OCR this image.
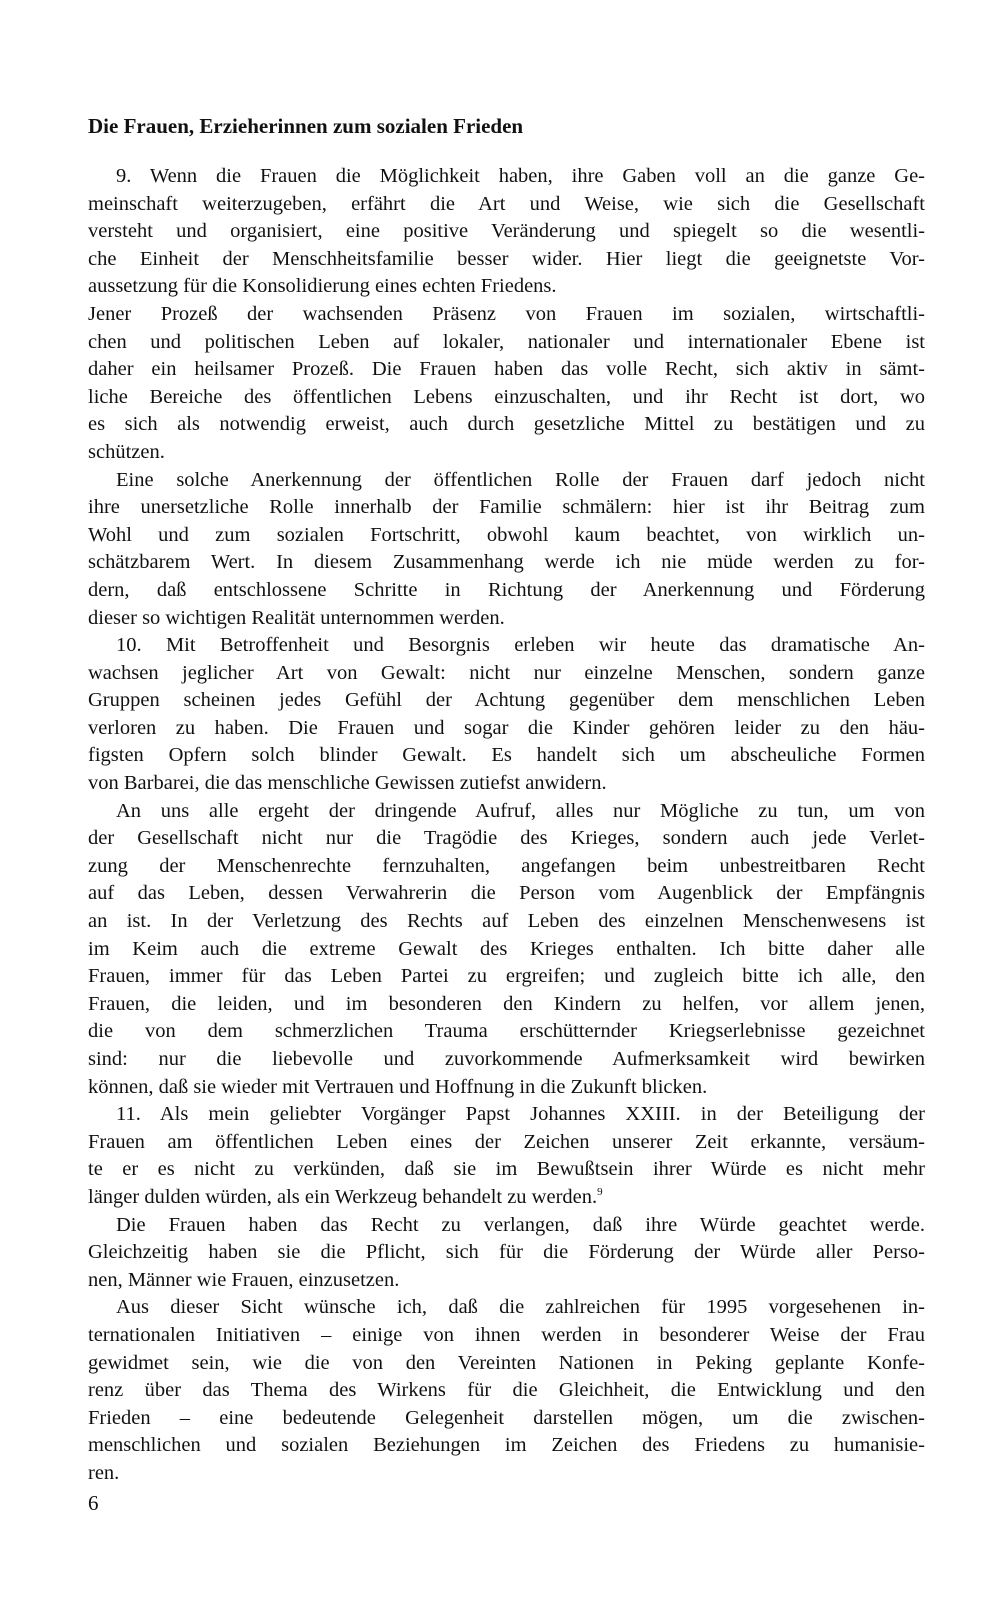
Die Frauen, Erzieherinnen zum sozialen Frieden
9. Wenn die Frauen die Möglichkeit haben, ihre Gaben voll an die ganze Ge-
meinschaft weiterzugeben, erfährt die Art und Weise, wie sich die Gesellschaft
versteht und organisiert, eine positive Veränderung und spiegelt so die wesentli-
che Einheit der Menschheitsfamilie besser wider. Hier liegt die geeignetste Vor-
aussetzung für die Konsolidierung eines echten Friedens.
Jener Prozeß der wachsenden Präsenz von Frauen im sozialen, wirtschaftli-
chen und politischen Leben auf lokaler, nationaler und internationaler Ebene ist
daher ein heilsamer Prozeß. Die Frauen haben das volle Recht, sich aktiv in sämt-
liche Bereiche des öffentlichen Lebens einzuschalten, und ihr Recht ist dort, wo
es sich als notwendig erweist, auch durch gesetzliche Mittel zu bestätigen und zu
schützen.
Eine solche Anerkennung der öffentlichen Rolle der Frauen darf jedoch nicht
ihre unersetzliche Rolle innerhalb der Familie schmälern: hier ist ihr Beitrag zum
Wohl und zum sozialen Fortschritt, obwohl kaum beachtet, von wirklich un-
schätzbarem Wert. In diesem Zusammenhang werde ich nie müde werden zu for-
dern, daß entschlossene Schritte in Richtung der Anerkennung und Förderung
dieser so wichtigen Realität unternommen werden.
10. Mit Betroffenheit und Besorgnis erleben wir heute das dramatische An-
wachsen jeglicher Art von Gewalt: nicht nur einzelne Menschen, sondern ganze
Gruppen scheinen jedes Gefühl der Achtung gegenüber dem menschlichen Leben
verloren zu haben. Die Frauen und sogar die Kinder gehören leider zu den häu-
figsten Opfern solch blinder Gewalt. Es handelt sich um abscheuliche Formen
von Barbarei, die das menschliche Gewissen zutiefst anwidern.
An uns alle ergeht der dringende Aufruf, alles nur Mögliche zu tun, um von
der Gesellschaft nicht nur die Tragödie des Krieges, sondern auch jede Verlet-
zung der Menschenrechte fernzuhalten, angefangen beim unbestreitbaren Recht
auf das Leben, dessen Verwahrerin die Person vom Augenblick der Empfängnis
an ist. In der Verletzung des Rechts auf Leben des einzelnen Menschenwesens ist
im Keim auch die extreme Gewalt des Krieges enthalten. Ich bitte daher alle
Frauen, immer für das Leben Partei zu ergreifen; und zugleich bitte ich alle, den
Frauen, die leiden, und im besonderen den Kindern zu helfen, vor allem jenen,
die von dem schmerzlichen Trauma erschütternder Kriegserlebnisse gezeichnet
sind: nur die liebevolle und zuvorkommende Aufmerksamkeit wird bewirken
können, daß sie wieder mit Vertrauen und Hoffnung in die Zukunft blicken.
11. Als mein geliebter Vorgänger Papst Johannes XXIII. in der Beteiligung der
Frauen am öffentlichen Leben eines der Zeichen unserer Zeit erkannte, versäum-
te er es nicht zu verkünden, daß sie im Bewußtsein ihrer Würde es nicht mehr
länger dulden würden, als ein Werkzeug behandelt zu werden.$^9$
Die Frauen haben das Recht zu verlangen, daß ihre Würde geachtet werde.
Gleichzeitig haben sie die Pflicht, sich für die Förderung der Würde aller Perso-
nen, Männer wie Frauen, einzusetzen.
Aus dieser Sicht wünsche ich, daß die zahlreichen für 1995 vorgesehenen in-
ternationalen Initiativen – einige von ihnen werden in besonderer Weise der Frau
gewidmet sein, wie die von den Vereinten Nationen in Peking geplante Konfe-
renz über das Thema des Wirkens für die Gleichheit, die Entwicklung und den
Frieden – eine bedeutende Gelegenheit darstellen mögen, um die zwischen-
menschlichen und sozialen Beziehungen im Zeichen des Friedens zu humanisie-
ren.
6
